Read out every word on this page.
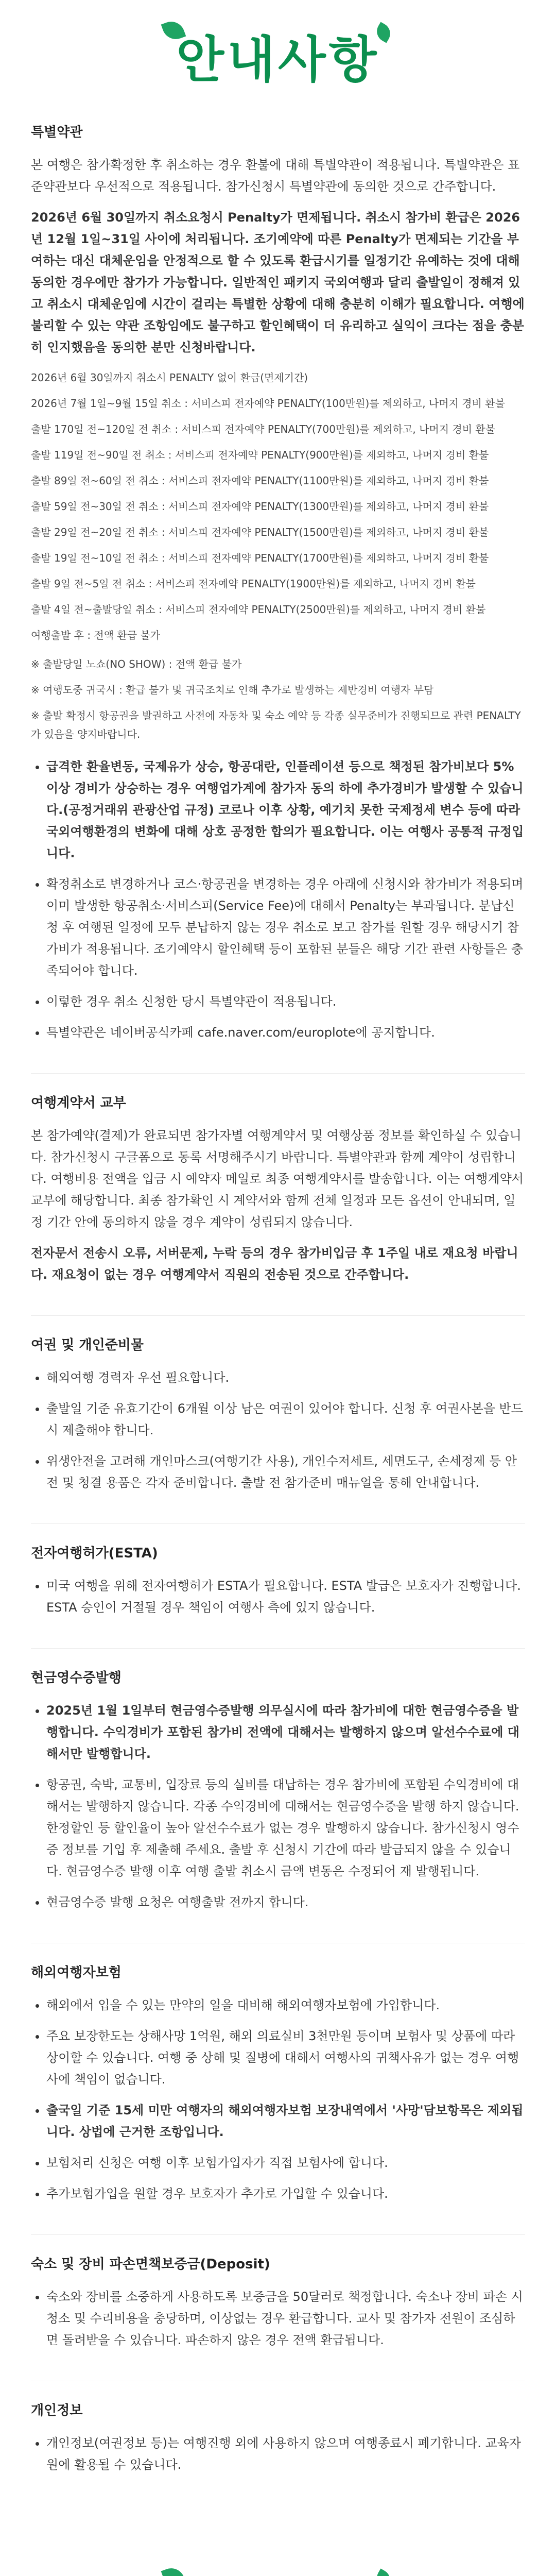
안내사항
특별약관

본 여행은 참가확정한 후 취소하는 경우 환불에 대해 특별약관이 적용됩니다. 특별약관은 표준약관보다 우선적으로 적용됩니다. 참가신청시 특별약관에 동의한 것으로 간주합니다.

2026년 6월 30일까지 취소요청시 Penalty가 면제됩니다. 취소시 참가비 환급은 2026년 12월 1일~31일 사이에 처리됩니다. 조기예약에 따른 Penalty가 면제되는 기간을 부여하는 대신 대체운임을 안정적으로 할 수 있도록 환급시기를 일정기간 유예하는 것에 대해 동의한 경우에만 참가가 가능합니다. 일반적인 패키지 국외여행과 달리 출발일이 정해져 있고 취소시 대체운임에 시간이 걸리는 특별한 상황에 대해 충분히 이해가 필요합니다. 여행에 불리할 수 있는 약관 조항임에도 불구하고 할인혜택이 더 유리하고 실익이 크다는 점을 충분히 인지했음을 동의한 분만 신청바랍니다.

2026년 6월 30일까지 취소시 PENALTY 없이 환급(면제기간)

2026년 7월 1일~9월 15일 취소 : 서비스피 전자예약 PENALTY(100만원)를 제외하고, 나머지 경비 환불

출발 170일 전~120일 전 취소 : 서비스피 전자예약 PENALTY(700만원)를 제외하고, 나머지 경비 환불

출발 119일 전~90일 전 취소 : 서비스피 전자예약 PENALTY(900만원)를 제외하고, 나머지 경비 환불

출발 89일 전~60일 전 취소 : 서비스피 전자예약 PENALTY(1100만원)를 제외하고, 나머지 경비 환불

출발 59일 전~30일 전 취소 : 서비스피 전자예약 PENALTY(1300만원)를 제외하고, 나머지 경비 환불

출발 29일 전~20일 전 취소 : 서비스피 전자예약 PENALTY(1500만원)를 제외하고, 나머지 경비 환불

출발 19일 전~10일 전 취소 : 서비스피 전자예약 PENALTY(1700만원)를 제외하고, 나머지 경비 환불

출발 9일 전~5일 전 취소 : 서비스피 전자예약 PENALTY(1900만원)를 제외하고, 나머지 경비 환불

출발 4일 전~출발당일 취소 : 서비스피 전자예약 PENALTY(2500만원)를 제외하고, 나머지 경비 환불

여행출발 후 : 전액 환급 불가

※ 출발당일 노쇼(NO SHOW) : 전액 환급 불가

※ 여행도중 귀국시 : 환급 불가 및 귀국조치로 인해 추가로 발생하는 제반경비 여행자 부담

※ 출발 확정시 항공권을 발권하고 사전에 자동차 및 숙소 예약 등 각종 실무준비가 진행되므로 관련 PENALTY가 있음을 양지바랍니다.

• 급격한 환율변동, 국제유가 상승, 항공대란, 인플레이션 등으로 책정된 참가비보다 5% 이상 경비가 상승하는 경우 여행업가계에 참가자 동의 하에 추가경비가 발생할 수 있습니다.(공정거래위 관광산업 규정) 코로나 이후 상황, 예기치 못한 국제정세 변수 등에 따라 국외여행환경의 변화에 대해 상호 공정한 합의가 필요합니다. 이는 여행사 공통적 규정입니다.
• 확정취소로 변경하거나 코스·항공권을 변경하는 경우 아래에 신청시와 참가비가 적용되며 이미 발생한 항공취소·서비스피(Service Fee)에 대해서 Penalty는 부과됩니다. 분납신청 후 여행된 일정에 모두 분납하지 않는 경우 취소로 보고 참가를 원할 경우 해당시기 참가비가 적용됩니다. 조기예약시 할인혜택 등이 포함된 분들은 해당 기간 관련 사항들은 충족되어야 합니다.
• 이렇한 경우 취소 신청한 당시 특별약관이 적용됩니다.
• 특별약관은 네이버공식카페 cafe.naver.com/europlote에 공지합니다.
여행계약서 교부

본 참가예약(결제)가 완료되면 참가자별 여행계약서 및 여행상품 정보를 확인하실 수 있습니다. 참가신청시 구글폼으로 동록 서명해주시기 바랍니다. 특별약관과 함께 계약이 성립합니다. 여행비용 전액을 입금 시 예약자 메일로 최종 여행계약서를 발송합니다. 이는 여행계약서 교부에 해당합니다. 최종 참가확인 시 계약서와 함께 전체 일정과 모든 옵션이 안내되며, 일정 기간 안에 동의하지 않을 경우 계약이 성립되지 않습니다.

전자문서 전송시 오류, 서버문제, 누락 등의 경우 참가비입금 후 1주일 내로 재요청 바랍니다. 재요청이 없는 경우 여행계약서 직원의 전송된 것으로 간주합니다.

여권 및 개인준비물
• 해외여행 경력자 우선 필요합니다.
• 출발일 기준 유효기간이 6개월 이상 남은 여권이 있어야 합니다. 신청 후 여권사본을 반드시 제출해야 합니다.
• 위생안전을 고려해 개인마스크(여행기간 사용), 개인수저세트, 세면도구, 손세정제 등 안전 및 청결 용품은 각자 준비합니다. 출발 전 참가준비 매뉴얼을 통해 안내합니다.
전자여행허가(ESTA)
• 미국 여행을 위해 전자여행허가 ESTA가 필요합니다. ESTA 발급은 보호자가 진행합니다. ESTA 승인이 거절될 경우 책임이 여행사 측에 있지 않습니다.
현금영수증발행
• 2025년 1월 1일부터 현금영수증발행 의무실시에 따라 참가비에 대한 현금영수증을 발행합니다. 수익경비가 포함된 참가비 전액에 대해서는 발행하지 않으며 알선수수료에 대해서만 발행합니다.
• 항공권, 숙박, 교통비, 입장료 등의 실비를 대납하는 경우 참가비에 포함된 수익경비에 대해서는 발행하지 않습니다. 각종 수익경비에 대해서는 현금영수증을 발행 하지 않습니다. 한정할인 등 할인율이 높아 알선수수료가 없는 경우 발행하지 않습니다. 참가신청시 영수증 정보를 기입 후 제출해 주세요. 출발 후 신청시 기간에 따라 발급되지 않을 수 있습니다. 현금영수증 발행 이후 여행 출발 취소시 금액 변동은 수정되어 재 발행됩니다.
• 현금영수증 발행 요청은 여행출발 전까지 합니다.
해외여행자보험
• 해외에서 입을 수 있는 만약의 일을 대비해 해외여행자보험에 가입합니다.
• 주요 보장한도는 상해사망 1억원, 해외 의료실비 3천만원 등이며 보험사 및 상품에 따라 상이할 수 있습니다. 여행 중 상해 및 질병에 대해서 여행사의 귀책사유가 없는 경우 여행사에 책임이 없습니다.
• 출국일 기준 15세 미만 여행자의 해외여행자보험 보장내역에서 '사망'담보항목은 제외됩니다. 상법에 근거한 조항입니다.
• 보험처리 신청은 여행 이후 보험가입자가 직접 보험사에 합니다.
• 추가보험가입을 원할 경우 보호자가 추가로 가입할 수 있습니다.
숙소 및 장비 파손면책보증금(Deposit)
• 숙소와 장비를 소중하게 사용하도록 보증금을 50달러로 책정합니다. 숙소나 장비 파손 시 청소 및 수리비용을 충당하며, 이상없는 경우 환급합니다. 교사 및 참가자 전원이 조심하면 돌려받을 수 있습니다. 파손하지 않은 경우 전액 환급됩니다.
개인정보
• 개인정보(여권정보 등)는 여행진행 외에 사용하지 않으며 여행종료시 폐기합니다. 교육자원에 활용될 수 있습니다.
